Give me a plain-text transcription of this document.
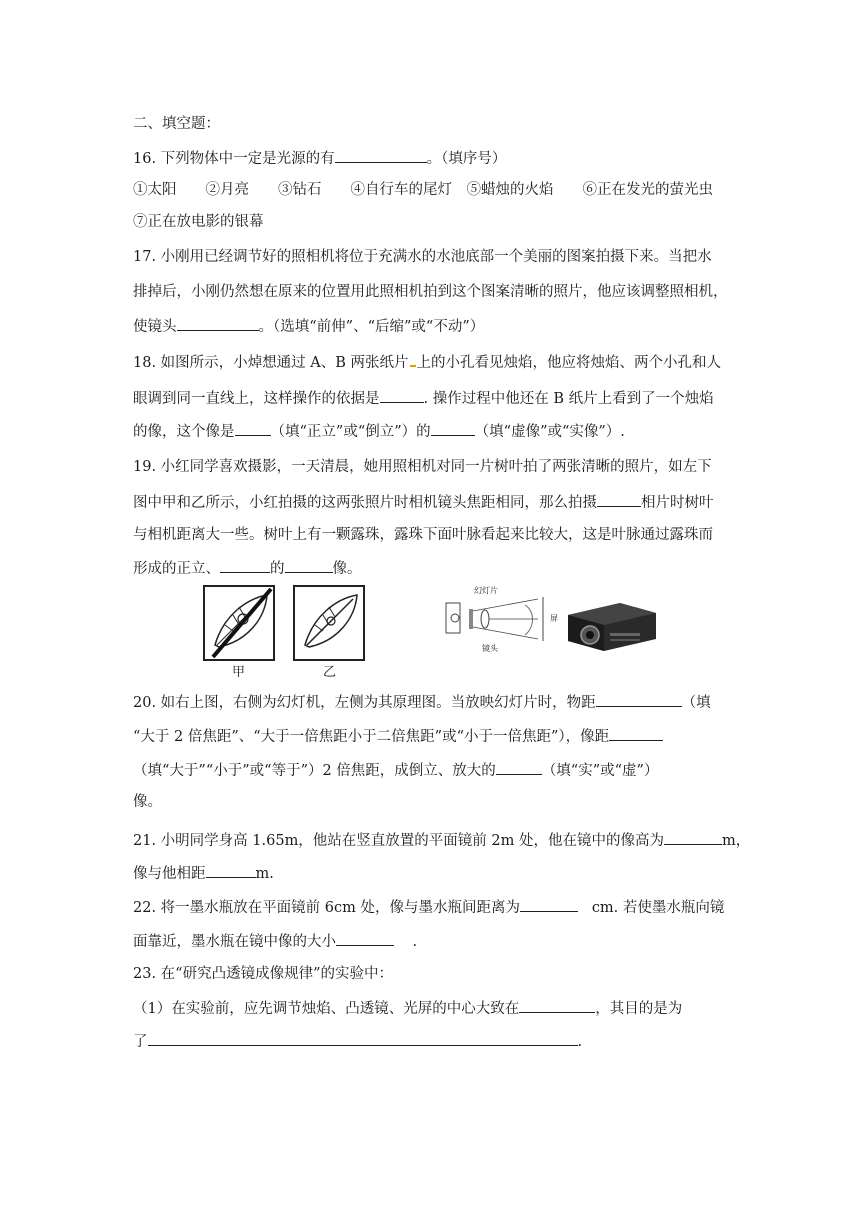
二、填空题：
16. 下列物体中一定是光源的有	。（填序号）
①太阳　　②月亮　　③钻石　　④自行车的尾灯　⑤蜡烛的火焰　　⑥正在发光的萤光虫
⑦正在放电影的银幕
17. 小刚用已经调节好的照相机将位于充满水的水池底部一个美丽的图案拍摄下来。当把水
排掉后，小刚仍然想在原来的位置用此照相机拍到这个图案清晰的照片，他应该调整照相机，
使镜头	。（选填“前伸”、“后缩”或“不动”）
18. 如图所示，小焯想通过 A、B 两张纸片 上的小孔看见烛焰，他应将烛焰、两个小孔和人
眼调到同一直线上，这样操作的依据是	. 操作过程中他还在 B 纸片上看到了一个烛焰
的像，这个像是 （填“正立”或“倒立”）的	（填“虚像”或“实像”）.
19. 小红同学喜欢摄影，一天清晨，她用照相机对同一片树叶拍了两张清晰的照片，如左下
图中甲和乙所示，小红拍摄的这两张照片时相机镜头焦距相同，那么拍摄	相片时树叶
与相机距离大一些。树叶上有一颗露珠，露珠下面叶脉看起来比较大，这是叶脉通过露珠而
形成的正立、	的	像。
甲	乙
幻灯片
镜头
屏
20. 如右上图，右侧为幻灯机，左侧为其原理图。当放映幻灯片时，物距	（填
“大于 2 倍焦距”、“大于一倍焦距小于二倍焦距”或“小于一倍焦距”），像距
（填“大于”“小于”或“等于”）2 倍焦距，成倒立、放大的	（填“实”或“虚”）
像。
21. 小明同学身高 1.65m，他站在竖直放置的平面镜前 2m 处，他在镜中的像高为	m，
像与他相距	m.
22. 将一墨水瓶放在平面镜前 6cm 处，像与墨水瓶间距离为	cm. 若使墨水瓶向镜
面靠近，墨水瓶在镜中像的大小	.
23. 在“研究凸透镜成像规律”的实验中：
（1）在实验前，应先调节烛焰、凸透镜、光屏的中心大致在	，其目的是为
了	.
